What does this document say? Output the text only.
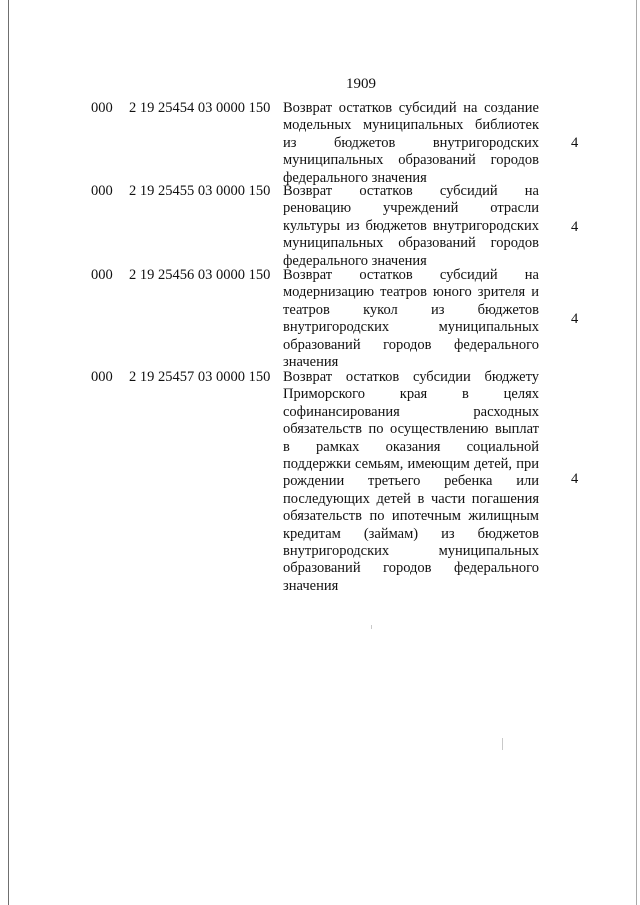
1909
000 2 19 25454 03 0000 150 Возврат остатков субсидий на создание
модельных муниципальных библиотек
из бюджетов внутригородских
муниципальных образований городов
федерального значения
4
000 2 19 25455 03 0000 150 Возврат остатков субсидий на
реновацию учреждений отрасли
культуры из бюджетов внутригородских
муниципальных образований городов
федерального значения
4
000 2 19 25456 03 0000 150 Возврат остатков субсидий на
модернизацию театров юного зрителя и
театров кукол из бюджетов
внутригородских муниципальных
образований городов федерального
значения
4
000 2 19 25457 03 0000 150 Возврат остатков субсидии бюджету
Приморского края в целях
софинансирования расходных
обязательств по осуществлению выплат
в рамках оказания социальной
поддержки семьям, имеющим детей, при
рождении третьего ребенка или
последующих детей в части погашения
обязательств по ипотечным жилищным
кредитам (займам) из бюджетов
внутригородских муниципальных
образований городов федерального
значения
4
